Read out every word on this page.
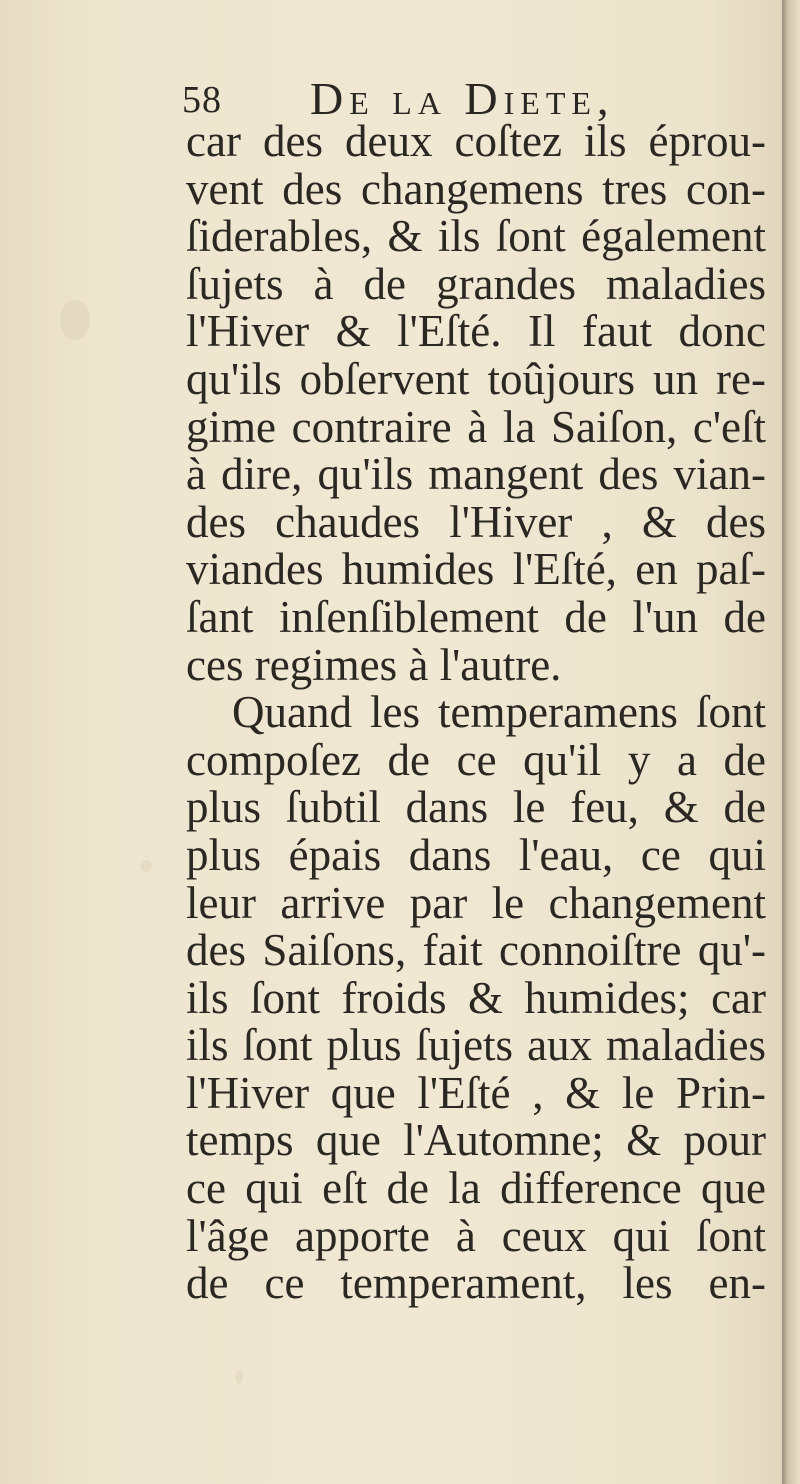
58 De la Diete,
car des deux coſtez ils éprou-
vent des changemens tres con-
ſiderables, & ils ſont également
ſujets à de grandes maladies
l'Hiver & l'Eſté. Il faut donc
qu'ils obſervent toûjours un re-
gime contraire à la Saiſon, c'eſt
à dire, qu'ils mangent des vian-
des chaudes l'Hiver , & des
viandes humides l'Eſté, en paſ-
ſant inſenſiblement de l'un de
ces regimes à l'autre.
Quand les temperamens ſont
compoſez de ce qu'il y a de
plus ſubtil dans le feu, & de
plus épais dans l'eau, ce qui
leur arrive par le changement
des Saiſons, fait connoiſtre qu'-
ils ſont froids & humides; car
ils ſont plus ſujets aux maladies
l'Hiver que l'Eſté , & le Prin-
temps que l'Automne; & pour
ce qui eſt de la difference que
l'âge apporte à ceux qui ſont
de ce temperament, les en-
